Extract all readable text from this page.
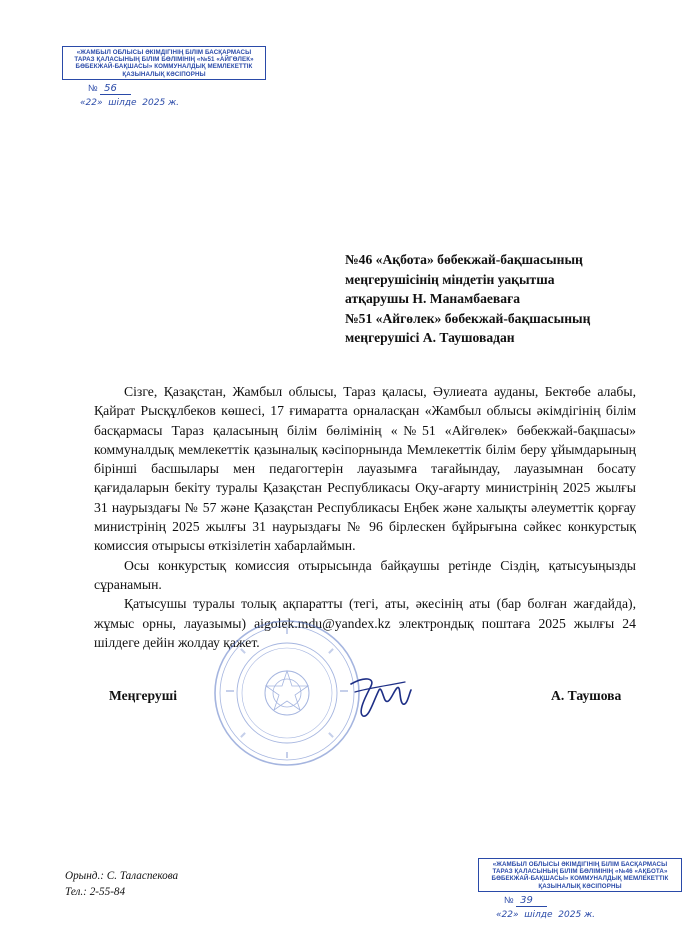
«ЖАМБЫЛ ОБЛЫСЫ ӘКІМДІГІНІҢ БІЛІМ БАСҚАРМАСЫ
ТАРАЗ ҚАЛАСЫНЫҢ БІЛІМ БӨЛІМІНІҢ «№51 «АЙГӨЛЕК»
БӨБЕКЖАЙ-БАҚШАСЫ» КОММУНАЛДЫҚ МЕМЛЕКЕТТІК
ҚАЗЫНАЛЫҚ КӘСІПОРНЫ
№ 56
«22» шілде 2025 ж.
№46 «Ақбота» бөбекжай-бақшасының
меңгерушісінің міндетін уақытша
атқарушы Н. Манамбаеваға
№51 «Айгөлек» бөбекжай-бақшасының
меңгерушісі А. Таушовадан

Сізге, Қазақстан, Жамбыл облысы, Тараз қаласы, Әулиеата ауданы, Бектөбе алабы, Қайрат Рысқұлбеков көшесі, 17 ғимаратта орналасқан «Жамбыл облысы әкімдігінің білім басқармасы Тараз қаласының білім бөлімінің «№51 «Айгөлек» бөбекжай-бақшасы» коммуналдық мемлекеттік қазыналық кәсіпорнында Мемлекеттік білім беру ұйымдарының бірінші басшылары мен педагогтерін лауазымға тағайындау, лауазымнан босату қағидаларын бекіту туралы Қазақстан Республикасы Оқу-ағарту министрінің 2025 жылғы 31 наурыздағы № 57 және Қазақстан Республикасы Еңбек және халықты әлеуметтік қорғау министрінің 2025 жылғы 31 наурыздағы № 96 бірлескен бұйрығына сәйкес конкурстық комиссия отырысы өткізілетін хабарлаймын.

Осы конкурстық комиссия отырысында байқаушы ретінде Сіздің, қатысуыңызды сұранамын.

Қатысушы туралы толық ақпаратты (тегі, аты, әкесінің аты (бар болған жағдайда), жұмыс орны, лауазымы) aigolek.mdu@yandex.kz электрондық поштаға 2025 жылғы 24 шілдеге дейін жолдау қажет.

Меңгеруші	А. Таушова
Орынд.: С. Таласпекова
Тел.: 2-55-84
«ЖАМБЫЛ ОБЛЫСЫ ӘКІМДІГІНІҢ БІЛІМ БАСҚАРМАСЫ
ТАРАЗ ҚАЛАСЫНЫҢ БІЛІМ БӨЛІМІНІҢ «№46 «АҚБОТА»
БӨБЕКЖАЙ-БАҚШАСЫ» КОММУНАЛДЫҚ МЕМЛЕКЕТТІК
ҚАЗЫНАЛЫҚ КӘСІПОРНЫ
№ 39
«22» шілде 2025 ж.
